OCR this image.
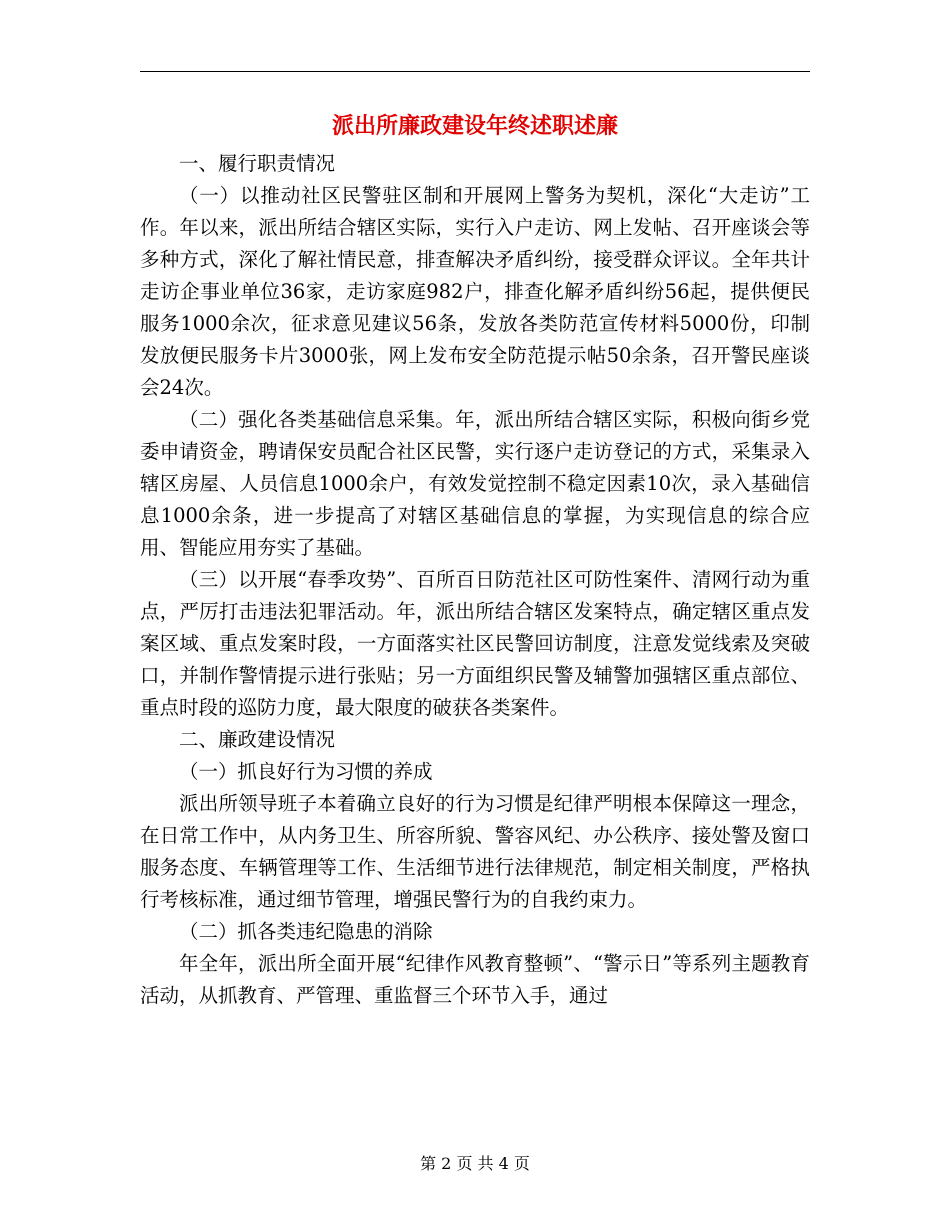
派出所廉政建设年终述职述廉

一、履行职责情况

（一）以推动社区民警驻区制和开展网上警务为契机，深化“大走访”工作。年以来，派出所结合辖区实际，实行入户走访、网上发帖、召开座谈会等多种方式，深化了解社情民意，排查解决矛盾纠纷，接受群众评议。全年共计走访企事业单位36家，走访家庭982户，排查化解矛盾纠纷56起，提供便民服务1000余次，征求意见建议56条，发放各类防范宣传材料5000份，印制发放便民服务卡片3000张，网上发布安全防范提示帖50余条，召开警民座谈会24次。

（二）强化各类基础信息采集。年，派出所结合辖区实际，积极向街乡党委申请资金，聘请保安员配合社区民警，实行逐户走访登记的方式，采集录入辖区房屋、人员信息1000余户，有效发觉控制不稳定因素10次，录入基础信息1000余条，进一步提高了对辖区基础信息的掌握，为实现信息的综合应用、智能应用夯实了基础。

（三）以开展“春季攻势”、百所百日防范社区可防性案件、清网行动为重点，严厉打击违法犯罪活动。年，派出所结合辖区发案特点，确定辖区重点发案区域、重点发案时段，一方面落实社区民警回访制度，注意发觉线索及突破口，并制作警情提示进行张贴；另一方面组织民警及辅警加强辖区重点部位、重点时段的巡防力度，最大限度的破获各类案件。

二、廉政建设情况

（一）抓良好行为习惯的养成

派出所领导班子本着确立良好的行为习惯是纪律严明根本保障这一理念，在日常工作中，从内务卫生、所容所貌、警容风纪、办公秩序、接处警及窗口服务态度、车辆管理等工作、生活细节进行法律规范，制定相关制度，严格执行考核标准，通过细节管理，增强民警行为的自我约束力。

（二）抓各类违纪隐患的消除

年全年，派出所全面开展“纪律作风教育整顿”、“警示日”等系列主题教育活动，从抓教育、严管理、重监督三个环节入手，通过

第 2 页 共 4 页
